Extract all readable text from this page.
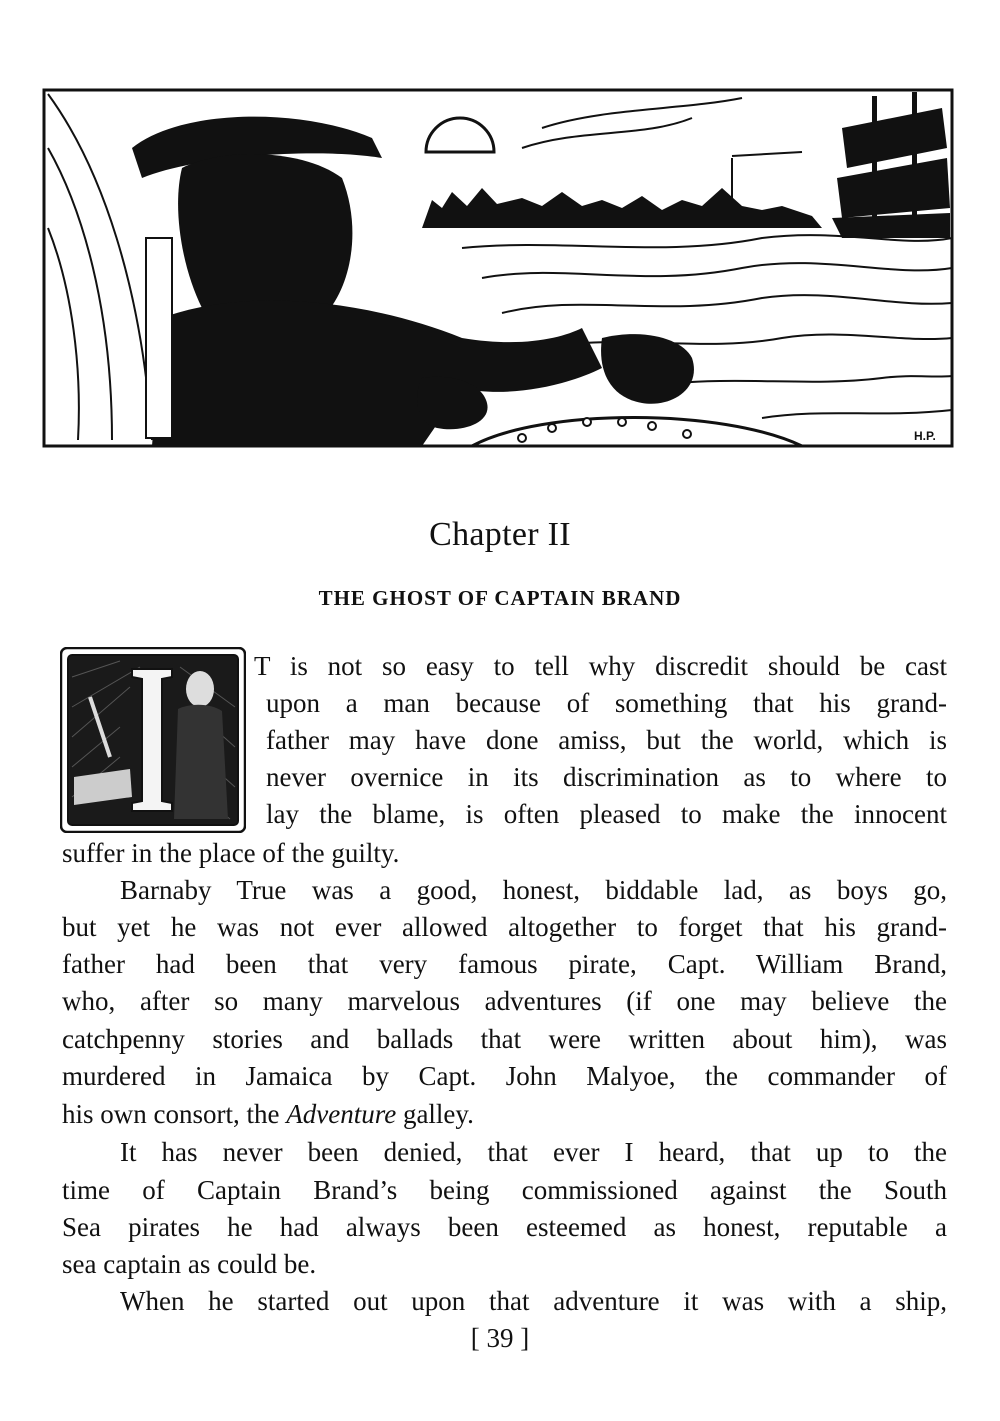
H.P.
Chapter II
THE GHOST OF CAPTAIN BRAND
T is not so easy to tell why discredit should be cast
upon a man because of something that his grand-
father may have done amiss, but the world, which is
never overnice in its discrimination as to where to
lay the blame, is often pleased to make the innocent
suffer in the place of the guilty.
Barnaby True was a good, honest, biddable lad, as boys go,
but yet he was not ever allowed altogether to forget that his grand-
father had been that very famous pirate, Capt. William Brand,
who, after so many marvelous adventures (if one may believe the
catchpenny stories and ballads that were written about him), was
murdered in Jamaica by Capt. John Malyoe, the commander of
his own consort, the Adventure galley.
It has never been denied, that ever I heard, that up to the
time of Captain Brand’s being commissioned against the South
Sea pirates he had always been esteemed as honest, reputable a
sea captain as could be.
When he started out upon that adventure it was with a ship,
[ 39 ]
